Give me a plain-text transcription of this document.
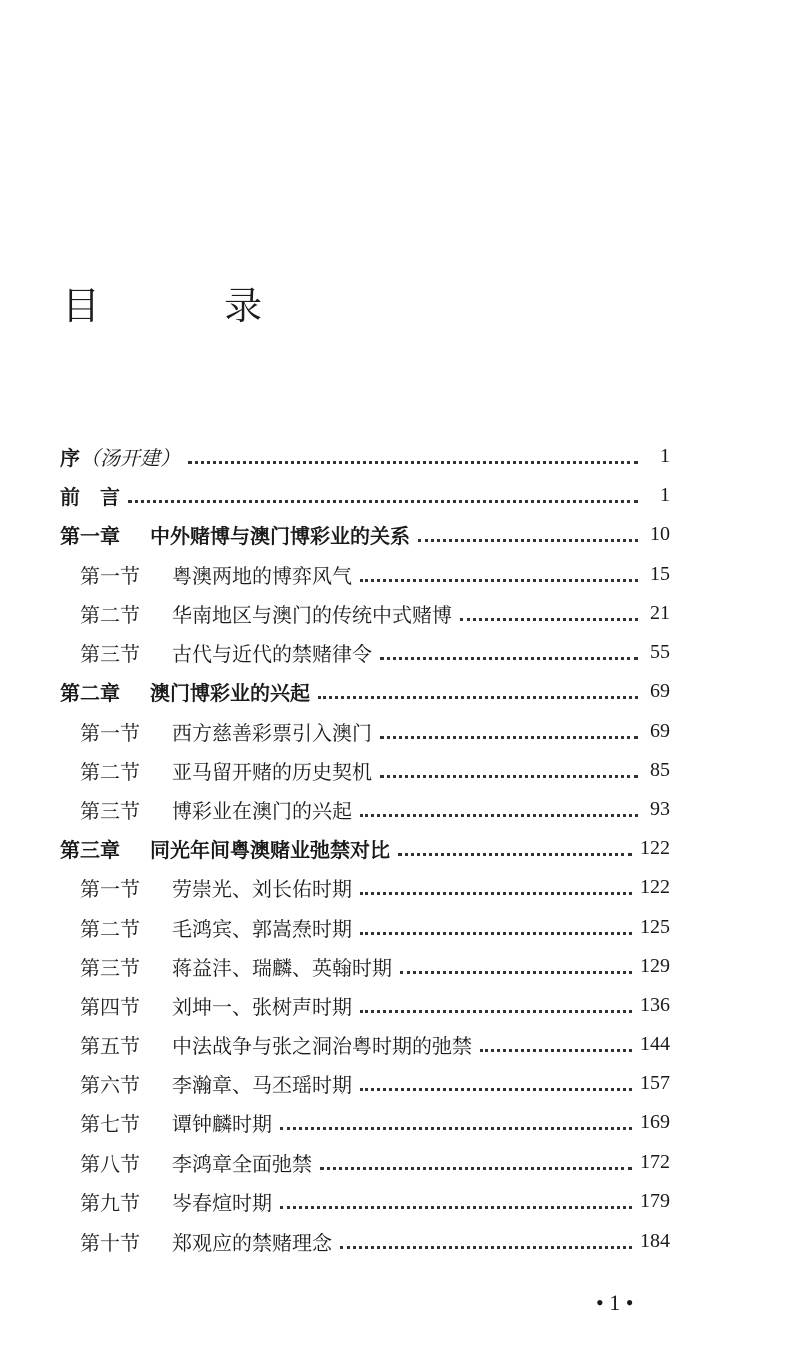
目 录
序 （汤开建）	1
前	言	1
第一章	中外赌博与澳门博彩业的关系	10
第一节	粤澳两地的博弈风气	15
第二节	华南地区与澳门的传统中式赌博	21
第三节	古代与近代的禁赌律令	55
第二章	澳门博彩业的兴起	69
第一节	西方慈善彩票引入澳门	69
第二节	亚马留开赌的历史契机	85
第三节	博彩业在澳门的兴起	93
第三章	同光年间粤澳赌业弛禁对比	122
第一节	劳崇光、刘长佑时期	122
第二节	毛鸿宾、郭嵩焘时期	125
第三节	蒋益沣、瑞麟、英翰时期	129
第四节	刘坤一、张树声时期	136
第五节	中法战争与张之洞治粤时期的弛禁	144
第六节	李瀚章、马丕瑶时期	157
第七节	谭钟麟时期	169
第八节	李鸿章全面弛禁	172
第九节	岑春煊时期	179
第十节	郑观应的禁赌理念	184
• 1 •
